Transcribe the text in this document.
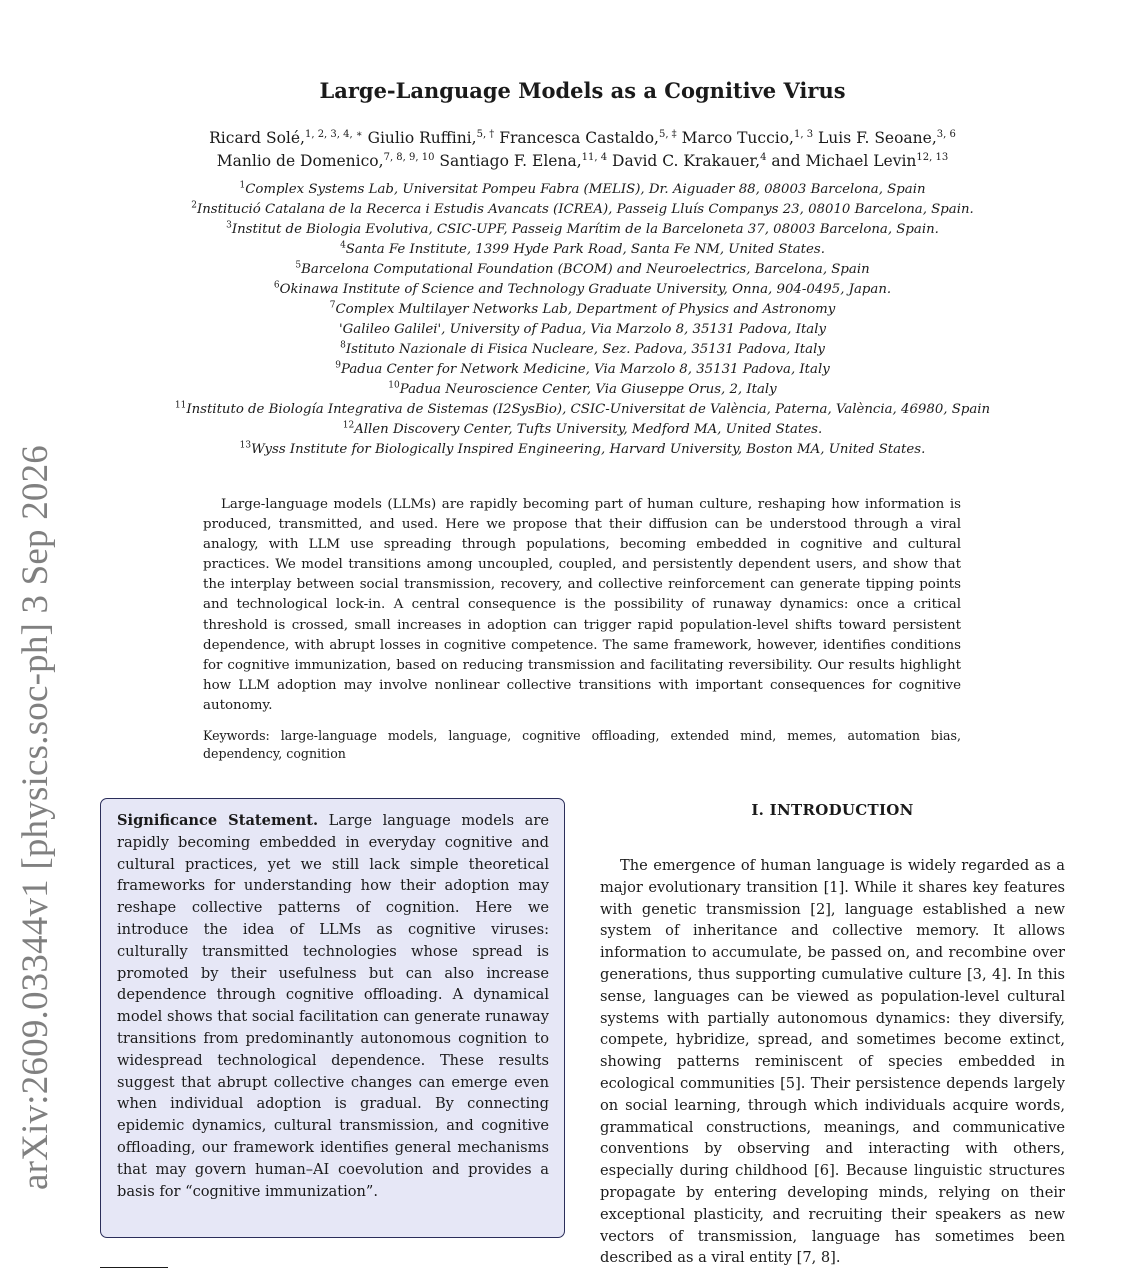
arXiv:2609.03344v1 [physics.soc-ph] 3 Sep 2026
Large-Language Models as a Cognitive Virus
Ricard Solé,$^{1, 2, 3, 4, ∗}$ Giulio Ruffini,$^{5, \dagger}$ Francesca Castaldo,$^{5, \ddagger}$ Marco Tuccio,$^{1, 3}$ Luis F. Seoane,$^{3, 6}$
Manlio de Domenico,$^{7, 8, 9, 10}$ Santiago F. Elena,$^{11, 4}$ David C. Krakauer,$^4$ and Michael Levin$^{12, 13}$
$^1$Complex Systems Lab, Universitat Pompeu Fabra (MELIS), Dr. Aiguader 88, 08003 Barcelona, Spain
$^2$Institució Catalana de la Recerca i Estudis Avancats (ICREA), Passeig Lluís Companys 23, 08010 Barcelona, Spain.
$^3$Institut de Biologia Evolutiva, CSIC-UPF, Passeig Marítim de la Barceloneta 37, 08003 Barcelona, Spain.
$^4$Santa Fe Institute, 1399 Hyde Park Road, Santa Fe NM, United States.
$^5$Barcelona Computational Foundation (BCOM) and Neuroelectrics, Barcelona, Spain
$^6$Okinawa Institute of Science and Technology Graduate University, Onna, 904-0495, Japan.
$^7$Complex Multilayer Networks Lab, Department of Physics and Astronomy
'Galileo Galilei', University of Padua, Via Marzolo 8, 35131 Padova, Italy
$^8$Istituto Nazionale di Fisica Nucleare, Sez. Padova, 35131 Padova, Italy
$^9$Padua Center for Network Medicine, Via Marzolo 8, 35131 Padova, Italy
$^{10}$Padua Neuroscience Center, Via Giuseppe Orus, 2, Italy
$^{11}$Instituto de Biología Integrativa de Sistemas (I2SysBio), CSIC-Universitat de València, Paterna, València, 46980, Spain
$^{12}$Allen Discovery Center, Tufts University, Medford MA, United States.
$^{13}$Wyss Institute for Biologically Inspired Engineering, Harvard University, Boston MA, United States.
Large-language models (LLMs) are rapidly becoming part of human culture, reshaping how information is produced, transmitted, and used. Here we propose that their diffusion can be understood through a viral analogy, with LLM use spreading through populations, becoming embedded in cognitive and cultural practices. We model transitions among uncoupled, coupled, and persistently dependent users, and show that the interplay between social transmission, recovery, and collective reinforcement can generate tipping points and technological lock-in. A central consequence is the possibility of runaway dynamics: once a critical threshold is crossed, small increases in adoption can trigger rapid population-level shifts toward persistent dependence, with abrupt losses in cognitive competence. The same framework, however, identifies conditions for cognitive immunization, based on reducing transmission and facilitating reversibility. Our results highlight how LLM adoption may involve nonlinear collective transitions with important consequences for cognitive autonomy.
Keywords: large-language models, language, cognitive offloading, extended mind, memes, automation bias, dependency, cognition
Significance Statement. Large language models are rapidly becoming embedded in everyday cognitive and cultural practices, yet we still lack simple theoretical frameworks for understanding how their adoption may reshape collective patterns of cognition. Here we introduce the idea of LLMs as cognitive viruses: culturally transmitted technologies whose spread is promoted by their usefulness but can also increase dependence through cognitive offloading. A dynamical model shows that social facilitation can generate runaway transitions from predominantly autonomous cognition to widespread technological dependence. These results suggest that abrupt collective changes can emerge even when individual adoption is gradual. By connecting epidemic dynamics, cultural transmission, and cognitive offloading, our framework identifies general mechanisms that may govern human–AI coevolution and provides a basis for “cognitive immunization”.
I. INTRODUCTION
The emergence of human language is widely regarded as a major evolutionary transition [1]. While it shares key features with genetic transmission [2], language established a new system of inheritance and collective memory. It allows information to accumulate, be passed on, and recombine over generations, thus supporting cumulative culture [3, 4]. In this sense, languages can be viewed as population-level cultural systems with partially autonomous dynamics: they diversify, compete, hybridize, spread, and sometimes become extinct, showing patterns reminiscent of species embedded in ecological communities [5]. Their persistence depends largely on social learning, through which individuals acquire words, grammatical constructions, meanings, and communicative conventions by observing and interacting with others, especially during childhood [6]. Because linguistic structures propagate by entering developing minds, relying on their exceptional plasticity, and recruiting their speakers as new vectors of transmission, language has sometimes been described as a viral entity [7, 8].
